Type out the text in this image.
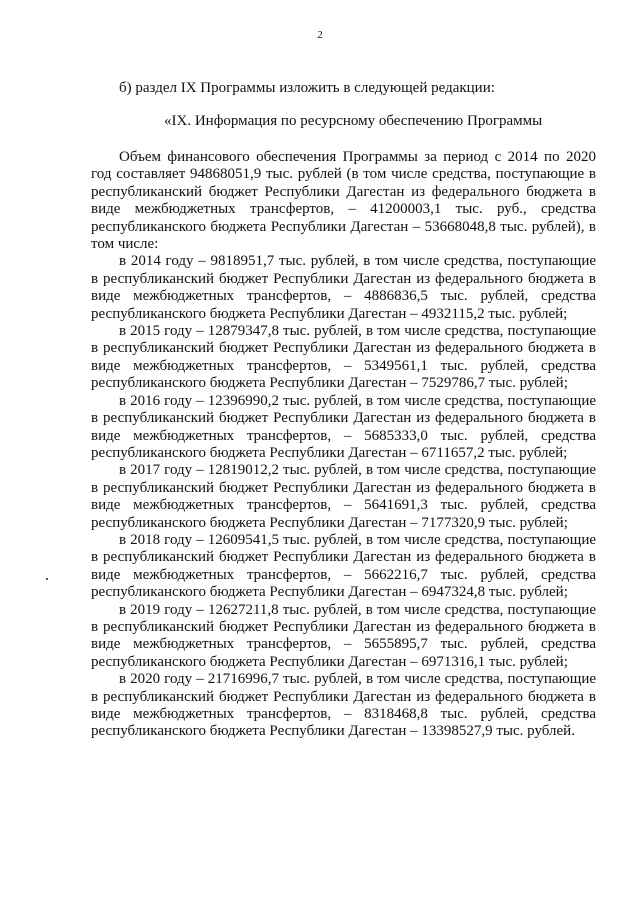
2
б) раздел IX Программы изложить в следующей редакции:
«IX. Информация по ресурсному обеспечению Программы

Объем финансового обеспечения Программы за период с 2014 по 2020 год составляет 94868051,9 тыс. рублей (в том числе средства, поступающие в республиканский бюджет Республики Дагестан из федерального бюджета в виде межбюджетных трансфертов, – 41200003,1 тыс. руб., средства республиканского бюджета Республики Дагестан – 53668048,8 тыс. рублей), в том числе:

в 2014 году – 9818951,7 тыс. рублей, в том числе средства, поступающие в республиканский бюджет Республики Дагестан из федерального бюджета в виде межбюджетных трансфертов, – 4886836,5 тыс. рублей, средства республиканского бюджета Республики Дагестан – 4932115,2 тыс. рублей;

в 2015 году – 12879347,8 тыс. рублей, в том числе средства, поступающие в республиканский бюджет Республики Дагестан из федерального бюджета в виде межбюджетных трансфертов, – 5349561,1 тыс. рублей, средства республиканского бюджета Республики Дагестан – 7529786,7 тыс. рублей;

в 2016 году – 12396990,2 тыс. рублей, в том числе средства, поступающие в республиканский бюджет Республики Дагестан из федерального бюджета в виде межбюджетных трансфертов, – 5685333,0 тыс. рублей, средства республиканского бюджета Республики Дагестан – 6711657,2 тыс. рублей;

в 2017 году – 12819012,2 тыс. рублей, в том числе средства, поступающие в республиканский бюджет Республики Дагестан из федерального бюджета в виде межбюджетных трансфертов, – 5641691,3 тыс. рублей, средства республиканского бюджета Республики Дагестан – 7177320,9 тыс. рублей;

в 2018 году – 12609541,5 тыс. рублей, в том числе средства, поступающие в республиканский бюджет Республики Дагестан из федерального бюджета в виде межбюджетных трансфертов, – 5662216,7 тыс. рублей, средства республиканского бюджета Республики Дагестан – 6947324,8 тыс. рублей;

в 2019 году – 12627211,8 тыс. рублей, в том числе средства, поступающие в республиканский бюджет Республики Дагестан из федерального бюджета в виде межбюджетных трансфертов, – 5655895,7 тыс. рублей, средства республиканского бюджета Республики Дагестан – 6971316,1 тыс. рублей;

в 2020 году – 21716996,7 тыс. рублей, в том числе средства, поступающие в республиканский бюджет Республики Дагестан из федерального бюджета в виде межбюджетных трансфертов, – 8318468,8 тыс. рублей, средства республиканского бюджета Республики Дагестан – 13398527,9 тыс. рублей.
